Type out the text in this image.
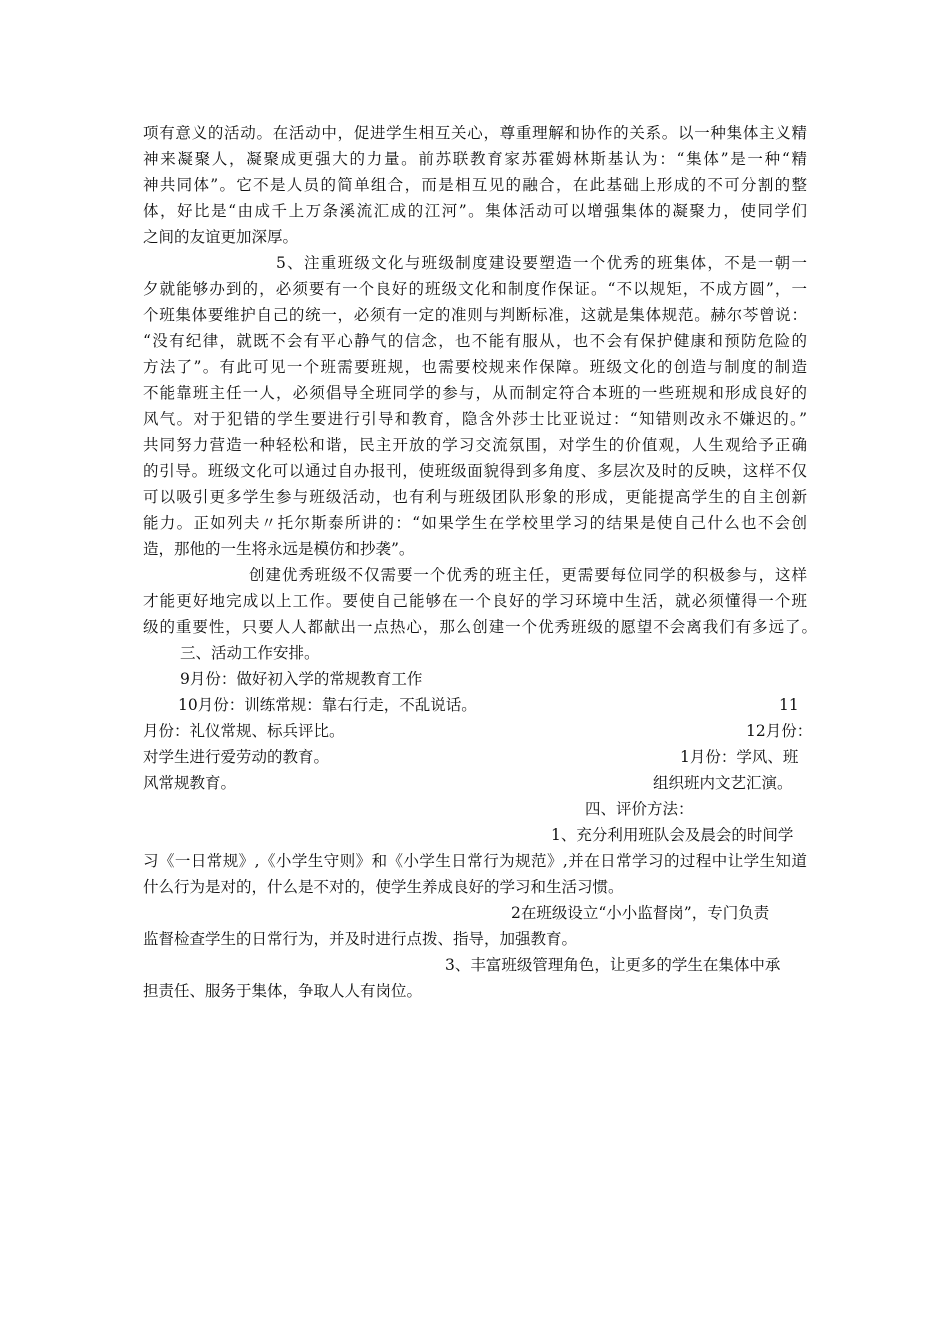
项有意义的活动。在活动中，促进学生相互关心，尊重理解和协作的关系。以一种集体主义精
神来凝聚人，凝聚成更强大的力量。前苏联教育家苏霍姆林斯基认为：“集体”是一种“精
神共同体”。它不是人员的简单组合，而是相互见的融合，在此基础上形成的不可分割的整
体，好比是“由成千上万条溪流汇成的江河”。集体活动可以增强集体的凝聚力，使同学们
之间的友谊更加深厚。
5、注重班级文化与班级制度建设要塑造一个优秀的班集体，不是一朝一
夕就能够办到的，必须要有一个良好的班级文化和制度作保证。“不以规矩，不成方圆”，一
个班集体要维护自己的统一，必须有一定的准则与判断标准，这就是集体规范。赫尔芩曾说：
“没有纪律，就既不会有平心静气的信念，也不能有服从，也不会有保护健康和预防危险的
方法了”。有此可见一个班需要班规，也需要校规来作保障。班级文化的创造与制度的制造
不能靠班主任一人，必须倡导全班同学的参与，从而制定符合本班的一些班规和形成良好的
风气。对于犯错的学生要进行引导和教育，隐含外莎士比亚说过：“知错则改永不嫌迟的。”
共同努力营造一种轻松和谐，民主开放的学习交流氛围，对学生的价值观，人生观给予正确
的引导。班级文化可以通过自办报刊，使班级面貌得到多角度、多层次及时的反映，这样不仅
可以吸引更多学生参与班级活动，也有利与班级团队形象的形成，更能提高学生的自主创新
能力。正如列夫〃托尔斯泰所讲的：“如果学生在学校里学习的结果是使自己什么也不会创
造，那他的一生将永远是模仿和抄袭”。
创建优秀班级不仅需要一个优秀的班主任，更需要每位同学的积极参与，这样
才能更好地完成以上工作。要使自己能够在一个良好的学习环境中生活，就必须懂得一个班
级的重要性，只要人人都献出一点热心，那么创建一个优秀班级的愿望不会离我们有多远了。
三、活动工作安排。
9月份：做好初入学的常规教育工作
10月份：训练常规：靠右行走，不乱说话。	11
月份：礼仪常规、标兵评比。	12月份：
对学生进行爱劳动的教育。	1月份：学风、班
风常规教育。	组织班内文艺汇演。
四、评价方法：
1、充分利用班队会及晨会的时间学
习《一日常规》,《小学生守则》和《小学生日常行为规范》,并在日常学习的过程中让学生知道
什么行为是对的，什么是不对的，使学生养成良好的学习和生活习惯。
2在班级设立“小小监督岗”，专门负责
监督检查学生的日常行为，并及时进行点拨、指导，加强教育。
3、丰富班级管理角色，让更多的学生在集体中承
担责任、服务于集体，争取人人有岗位。
